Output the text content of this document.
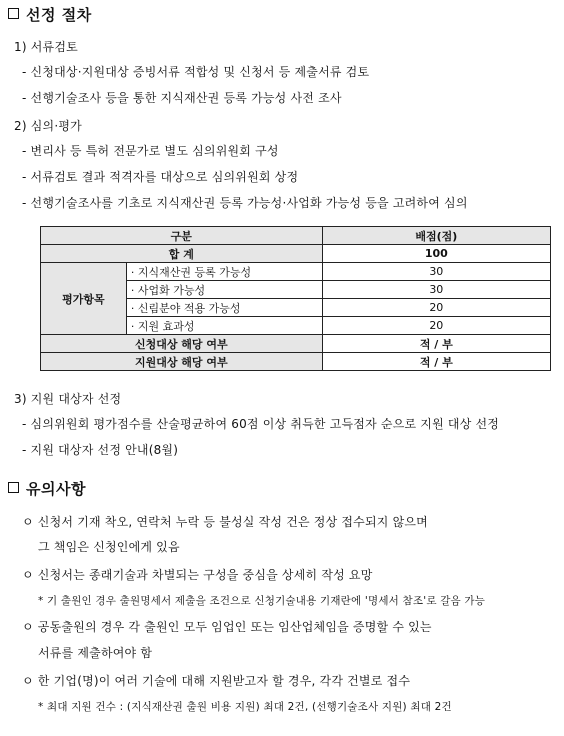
선정 절차
1) 서류검토
- 신청대상·지원대상 증빙서류 적합성 및 신청서 등 제출서류 검토
- 선행기술조사 등을 통한 지식재산권 등록 가능성 사전 조사
2) 심의·평가
- 변리사 등 특허 전문가로 별도 심의위원회 구성
- 서류검토 결과 적격자를 대상으로 심의위원회 상정
- 선행기술조사를 기초로 지식재산권 등록 가능성·사업화 가능성 등을 고려하여 심의
구분		배점(점)
합 계		100
평가항목	· 지식재산권 등록 가능성	30
	· 사업화 가능성	30
	· 신림분야 적용 가능성	20
	· 지원 효과성	20
신청대상 해당 여부		적 / 부
지원대상 해당 여부		적 / 부
3) 지원 대상자 선정
- 심의위원회 평가점수를 산술평균하여 60점 이상 취득한 고득점자 순으로 지원 대상 선정
- 지원 대상자 선정 안내(8월)
유의사항
ㅇ 신청서 기재 착오, 연락처 누락 등 불성실 작성 건은 정상 접수되지 않으며
그 책임은 신청인에게 있음
ㅇ 신청서는 종래기술과 차별되는 구성을 중심을 상세히 작성 요망
* 기 출원인 경우 출원명세서 제출을 조건으로 신청기술내용 기재란에 '명세서 참조'로 갈음 가능
ㅇ 공동출원의 경우 각 출원인 모두 임업인 또는 임산업체임을 증명할 수 있는
서류를 제출하여야 함
ㅇ 한 기업(명)이 여러 기술에 대해 지원받고자 할 경우, 각각 건별로 접수
* 최대 지원 건수 : (지식재산권 출원 비용 지원) 최대 2건, (선행기술조사 지원) 최대 2건
